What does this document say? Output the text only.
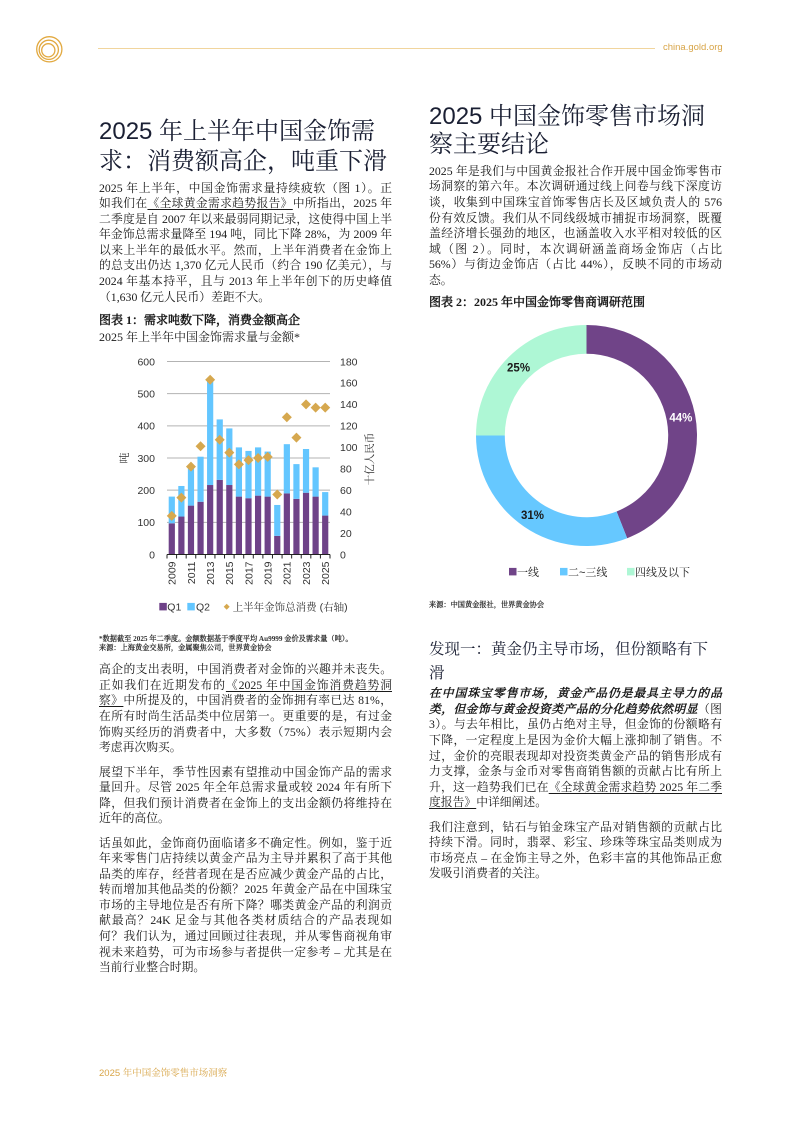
china.gold.org
2025 年上半年中国金饰需
求：消费额高企，吨重下滑
2025 年上半年，中国金饰需求量持续疲软（图 1）。正
如我们在《全球黄金需求趋势报告》中所指出，2025 年
二季度是自 2007 年以来最弱同期记录，这使得中国上半
年金饰总需求量降至 194 吨，同比下降 28%，为 2009 年
以来上半年的最低水平。然而，上半年消费者在金饰上
的总支出仍达 1,370 亿元人民币（约合 190 亿美元），与
2024 年基本持平，且与 2013 年上半年创下的历史峰值
（1,630 亿元人民币）差距不大。
图表 1：需求吨数下降，消费金额高企
2025 年上半年中国金饰需求量与金额*
0
100
200
300
400
500
600
0
20
40
60
80
100
120
140
160
180
2009 2011 2013 2015 2017 2019 2021 2023 2025
吨	十亿人民币
Q1 Q2 上半年金饰总消费 (右轴)
*数据截至 2025 年二季度。金额数据基于季度平均 Au9999 金价及需求量（吨）。
来源：上海黄金交易所，金属聚焦公司，世界黄金协会
高企的支出表明，中国消费者对金饰的兴趣并未丧失。
正如我们在近期发布的《2025 年中国金饰消费趋势洞
察》中所提及的，中国消费者的金饰拥有率已达 81%，
在所有时尚生活品类中位居第一。更重要的是，有过金
饰购买经历的消费者中，大多数（75%）表示短期内会
考虑再次购买。
展望下半年，季节性因素有望推动中国金饰产品的需求
量回升。尽管 2025 年全年总需求量或较 2024 年有所下
降，但我们预计消费者在金饰上的支出金额仍将维持在
近年的高位。
话虽如此，金饰商仍面临诸多不确定性。例如，鉴于近
年来零售门店持续以黄金产品为主导并累积了高于其他
品类的库存，经营者现在是否应减少黄金产品的占比，
转而增加其他品类的份额？2025 年黄金产品在中国珠宝
市场的主导地位是否有所下降？哪类黄金产品的利润贡
献最高？24K 足金与其他各类材质结合的产品表现如
何？我们认为，通过回顾过往表现，并从零售商视角审
视未来趋势，可为市场参与者提供一定参考 – 尤其是在
当前行业整合时期。
2025 中国金饰零售市场洞
察主要结论
2025 年是我们与中国黄金报社合作开展中国金饰零售市
场洞察的第六年。本次调研通过线上问卷与线下深度访
谈，收集到中国珠宝首饰零售店长及区域负责人的 576
份有效反馈。我们从不同线级城市捕捉市场洞察，既覆
盖经济增长强劲的地区，也涵盖收入水平相对较低的区
域（图 2）。同时，本次调研涵盖商场金饰店（占比
56%）与街边金饰店（占比 44%），反映不同的市场动
态。
图表 2：2025 年中国金饰零售商调研范围
44%
31%
25%
一线	二~三线	四线及以下
来源：中国黄金报社，世界黄金协会
发现一：黄金仍主导市场，但份额略有下
滑
在中国珠宝零售市场，黄金产品仍是最具主导力的品
类，但金饰与黄金投资类产品的分化趋势依然明显（图
3）。与去年相比，虽仍占绝对主导，但金饰的份额略有
下降，一定程度上是因为金价大幅上涨抑制了销售。不
过，金价的亮眼表现却对投资类黄金产品的销售形成有
力支撑，金条与金币对零售商销售额的贡献占比有所上
升，这一趋势我们已在《全球黄金需求趋势 2025 年二季
度报告》中详细阐述。
我们注意到，钻石与铂金珠宝产品对销售额的贡献占比
持续下滑。同时，翡翠、彩宝、珍珠等珠宝品类则成为
市场亮点 – 在金饰主导之外，色彩丰富的其他饰品正愈
发吸引消费者的关注。
2025 年中国金饰零售市场洞察
